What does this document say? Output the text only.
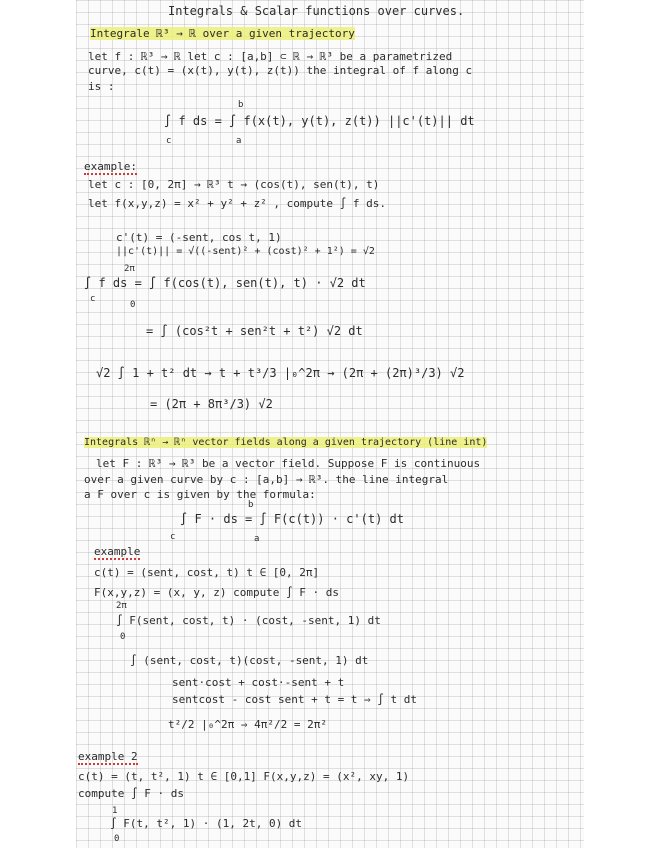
Integrals & Scalar functions over curves.
Integrale ℝ³ → ℝ over a given trajectory
let f : ℝ³ → ℝ let c : [a,b] ⊂ ℝ → ℝ³ be a parametrized
curve, c(t) = (x(t), y(t), z(t)) the integral of f along c
is :
b
∫ f ds = ∫ f(x(t), y(t), z(t)) ||c'(t)|| dt
c	a
example:
let c : [0, 2π] → ℝ³ t → (cos(t), sen(t), t)
let f(x,y,z) = x² + y² + z² , compute ∫ f ds.
c'(t) = (-sent, cos t, 1)
||c'(t)|| = √((-sent)² + (cost)² + 1²) = √2
2π
∫ f ds = ∫ f(cos(t), sen(t), t) · √2 dt
c
0
= ∫ (cos²t + sen²t + t²) √2 dt
√2 ∫ 1 + t² dt → t + t³/3 |₀^2π → (2π + (2π)³/3) √2
= (2π + 8π³/3) √2
Integrals ℝⁿ → ℝⁿ vector fields along a given trajectory (line int)
let F : ℝ³ → ℝ³ be a vector field. Suppose F is continuous
over a given curve by c : [a,b] → ℝ³. the line integral
a F over c is given by the formula:
∫ F · ds = ∫ F(c(t)) · c'(t) dt
c
b
a
example
c(t) = (sent, cost, t) t ∈ [0, 2π]
F(x,y,z) = (x, y, z) compute ∫ F · ds
2π
∫ F(sent, cost, t) · (cost, -sent, 1) dt
0
∫ (sent, cost, t)(cost, -sent, 1) dt
sent·cost + cost·-sent + t
sentcost - cost sent + t = t ⇒ ∫ t dt
t²/2 |₀^2π ⇒ 4π²/2 = 2π²
example 2
c(t) = (t, t², 1) t ∈ [0,1] F(x,y,z) = (x², xy, 1)
compute ∫ F · ds
1
∫ F(t, t², 1) · (1, 2t, 0) dt
0
